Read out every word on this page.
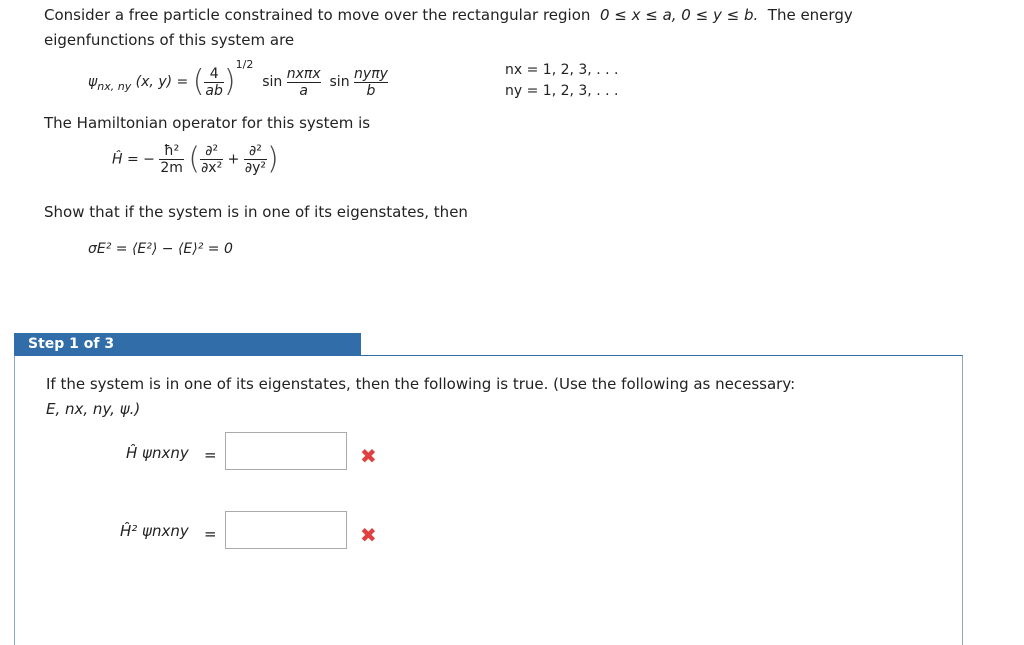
Consider a free particle constrained to move over the rectangular region 0 ≤ x ≤ a, 0 ≤ y ≤ b. The energy
eigenfunctions of this system are
$\psi_{nx, ny}$ (x, y) = ( $\frac{4}{ab} )^{1/2}$  $\sin \frac{\text{nxπx}}{a}$ $\sin \frac{\text{nyπy}}{b}$	nx = 1, 2, 3, . . .
ny = 1, 2, 3, . . .
The Hamiltonian operator for this system is
Ĥ = − $\frac{\text{ħ²}}{2m}$ ( $\frac{\text{∂²}}{\text{∂x²}} + \frac{\text{∂²}}{\text{∂y²}}$ )
Show that if the system is in one of its eigenstates, then
σE² = ⟨E²⟩ − ⟨E⟩² = 0
Step 1 of 3
If the system is in one of its eigenstates, then the following is true. (Use the following as necessary:
E, nx, ny, ψ.)
Ĥ ψnxny =	✖
Ĥ² ψnxny =	✖
